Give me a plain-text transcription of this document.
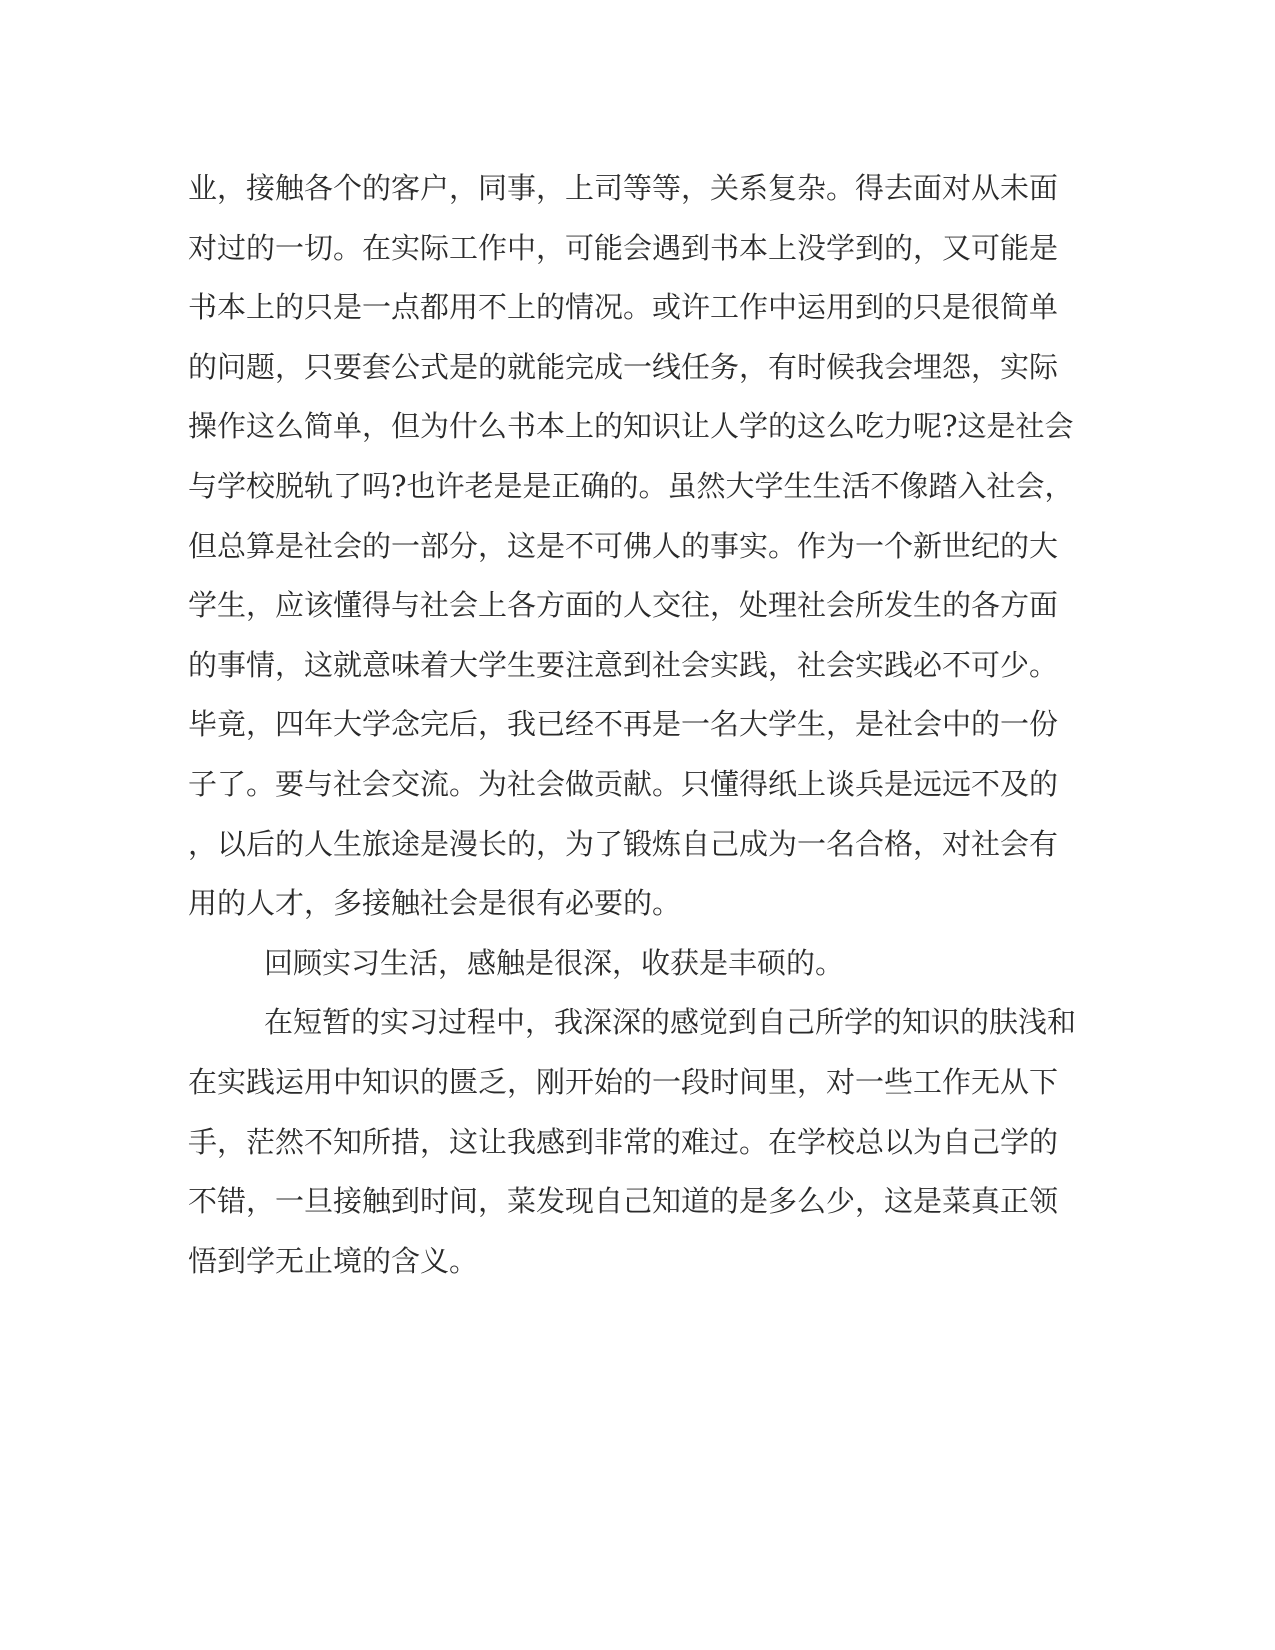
业，接触各个的客户，同事，上司等等，关系复杂。得去面对从未面
对过的一切。在实际工作中，可能会遇到书本上没学到的，又可能是
书本上的只是一点都用不上的情况。或许工作中运用到的只是很简单
的问题，只要套公式是的就能完成一线任务，有时候我会埋怨，实际
操作这么简单，但为什么书本上的知识让人学的这么吃力呢?这是社会
与学校脱轨了吗?也许老是是正确的。虽然大学生生活不像踏入社会，
但总算是社会的一部分，这是不可佛人的事实。作为一个新世纪的大
学生，应该懂得与社会上各方面的人交往，处理社会所发生的各方面
的事情，这就意味着大学生要注意到社会实践，社会实践必不可少。
毕竟，四年大学念完后，我已经不再是一名大学生，是社会中的一份
子了。要与社会交流。为社会做贡献。只懂得纸上谈兵是远远不及的
，以后的人生旅途是漫长的，为了锻炼自己成为一名合格，对社会有
用的人才，多接触社会是很有必要的。
回顾实习生活，感触是很深，收获是丰硕的。
在短暂的实习过程中，我深深的感觉到自己所学的知识的肤浅和
在实践运用中知识的匮乏，刚开始的一段时间里，对一些工作无从下
手，茫然不知所措，这让我感到非常的难过。在学校总以为自己学的
不错，一旦接触到时间，菜发现自己知道的是多么少，这是菜真正领
悟到学无止境的含义。
